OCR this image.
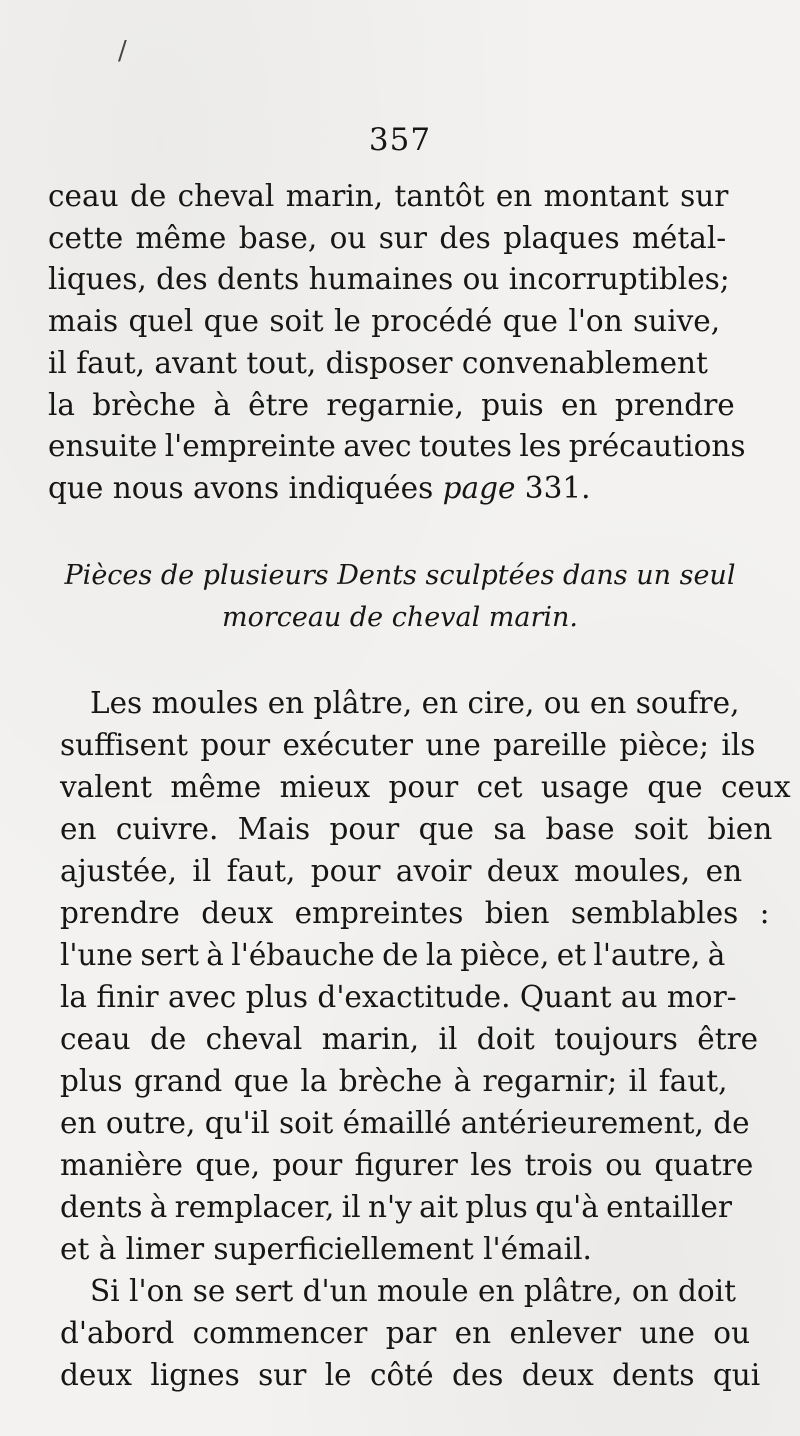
/
357
ceau de cheval marin, tantôt en montant sur
cette même base, ou sur des plaques métal-
liques, des dents humaines ou incorruptibles;
mais quel que soit le procédé que l'on suive,
il faut, avant tout, disposer convenablement
la brèche à être regarnie, puis en prendre
ensuite l'empreinte avec toutes les précautions
que nous avons indiquées page 331.
Pièces de plusieurs Dents sculptées dans un seul
morceau de cheval marin.
Les moules en plâtre, en cire, ou en soufre,
suffisent pour exécuter une pareille pièce; ils
valent même mieux pour cet usage que ceux
en cuivre. Mais pour que sa base soit bien
ajustée, il faut, pour avoir deux moules, en
prendre deux empreintes bien semblables :
l'une sert à l'ébauche de la pièce, et l'autre, à
la finir avec plus d'exactitude. Quant au mor-
ceau de cheval marin, il doit toujours être
plus grand que la brèche à regarnir; il faut,
en outre, qu'il soit émaillé antérieurement, de
manière que, pour figurer les trois ou quatre
dents à remplacer, il n'y ait plus qu'à entailler
et à limer superficiellement l'émail.
Si l'on se sert d'un moule en plâtre, on doit
d'abord commencer par en enlever une ou
deux lignes sur le côté des deux dents qui
